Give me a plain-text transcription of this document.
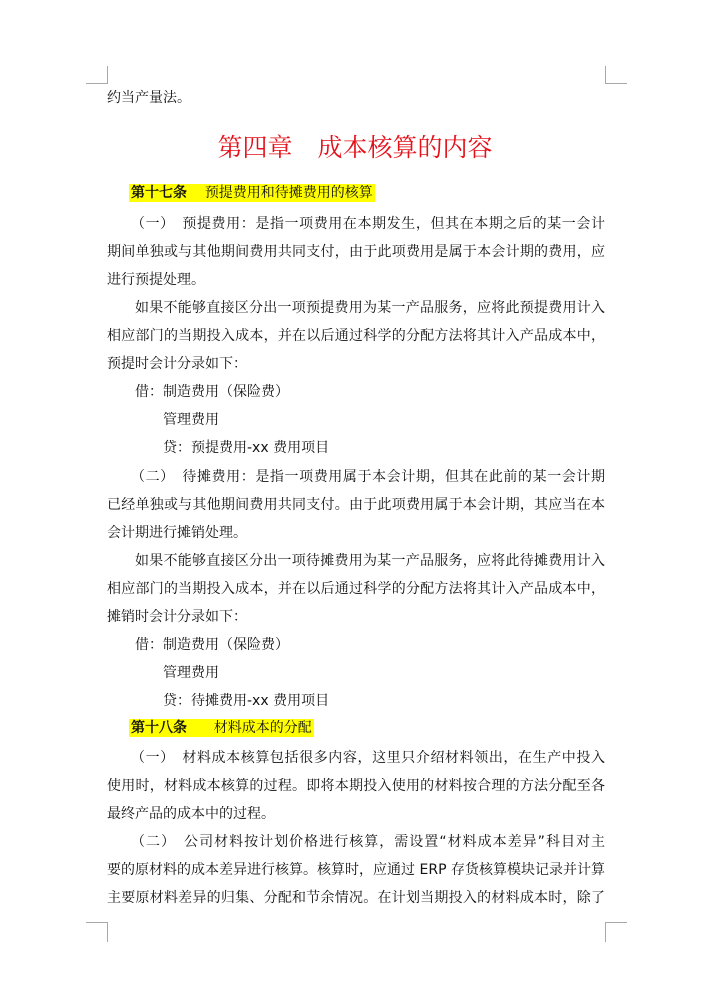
约当产量法。
第四章　成本核算的内容
第十七条 预提费用和待摊费用的核算
（一）　预提费用：是指一项费用在本期发生，但其在本期之后的某一会计
期间单独或与其他期间费用共同支付，由于此项费用是属于本会计期的费用，应
进行预提处理。
如果不能够直接区分出一项预提费用为某一产品服务，应将此预提费用计入
相应部门的当期投入成本，并在以后通过科学的分配方法将其计入产品成本中，
预提时会计分录如下：
借：制造费用（保险费）
管理费用
贷：预提费用-xx 费用项目
（二）　待摊费用：是指一项费用属于本会计期，但其在此前的某一会计期
已经单独或与其他期间费用共同支付。由于此项费用属于本会计期，其应当在本
会计期进行摊销处理。
如果不能够直接区分出一项待摊费用为某一产品服务，应将此待摊费用计入
相应部门的当期投入成本，并在以后通过科学的分配方法将其计入产品成本中，
摊销时会计分录如下：
借：制造费用（保险费）
管理费用
贷：待摊费用-xx 费用项目
第十八条 材料成本的分配
（一）　材料成本核算包括很多内容，这里只介绍材料领出，在生产中投入
使用时，材料成本核算的过程。即将本期投入使用的材料按合理的方法分配至各
最终产品的成本中的过程。
（二）　公司材料按计划价格进行核算，需设置“材料成本差异”科目对主
要的原材料的成本差异进行核算。核算时，应通过 ERP 存货核算模块记录并计算
主要原材料差异的归集、分配和节余情况。在计划当期投入的材料成本时，除了
